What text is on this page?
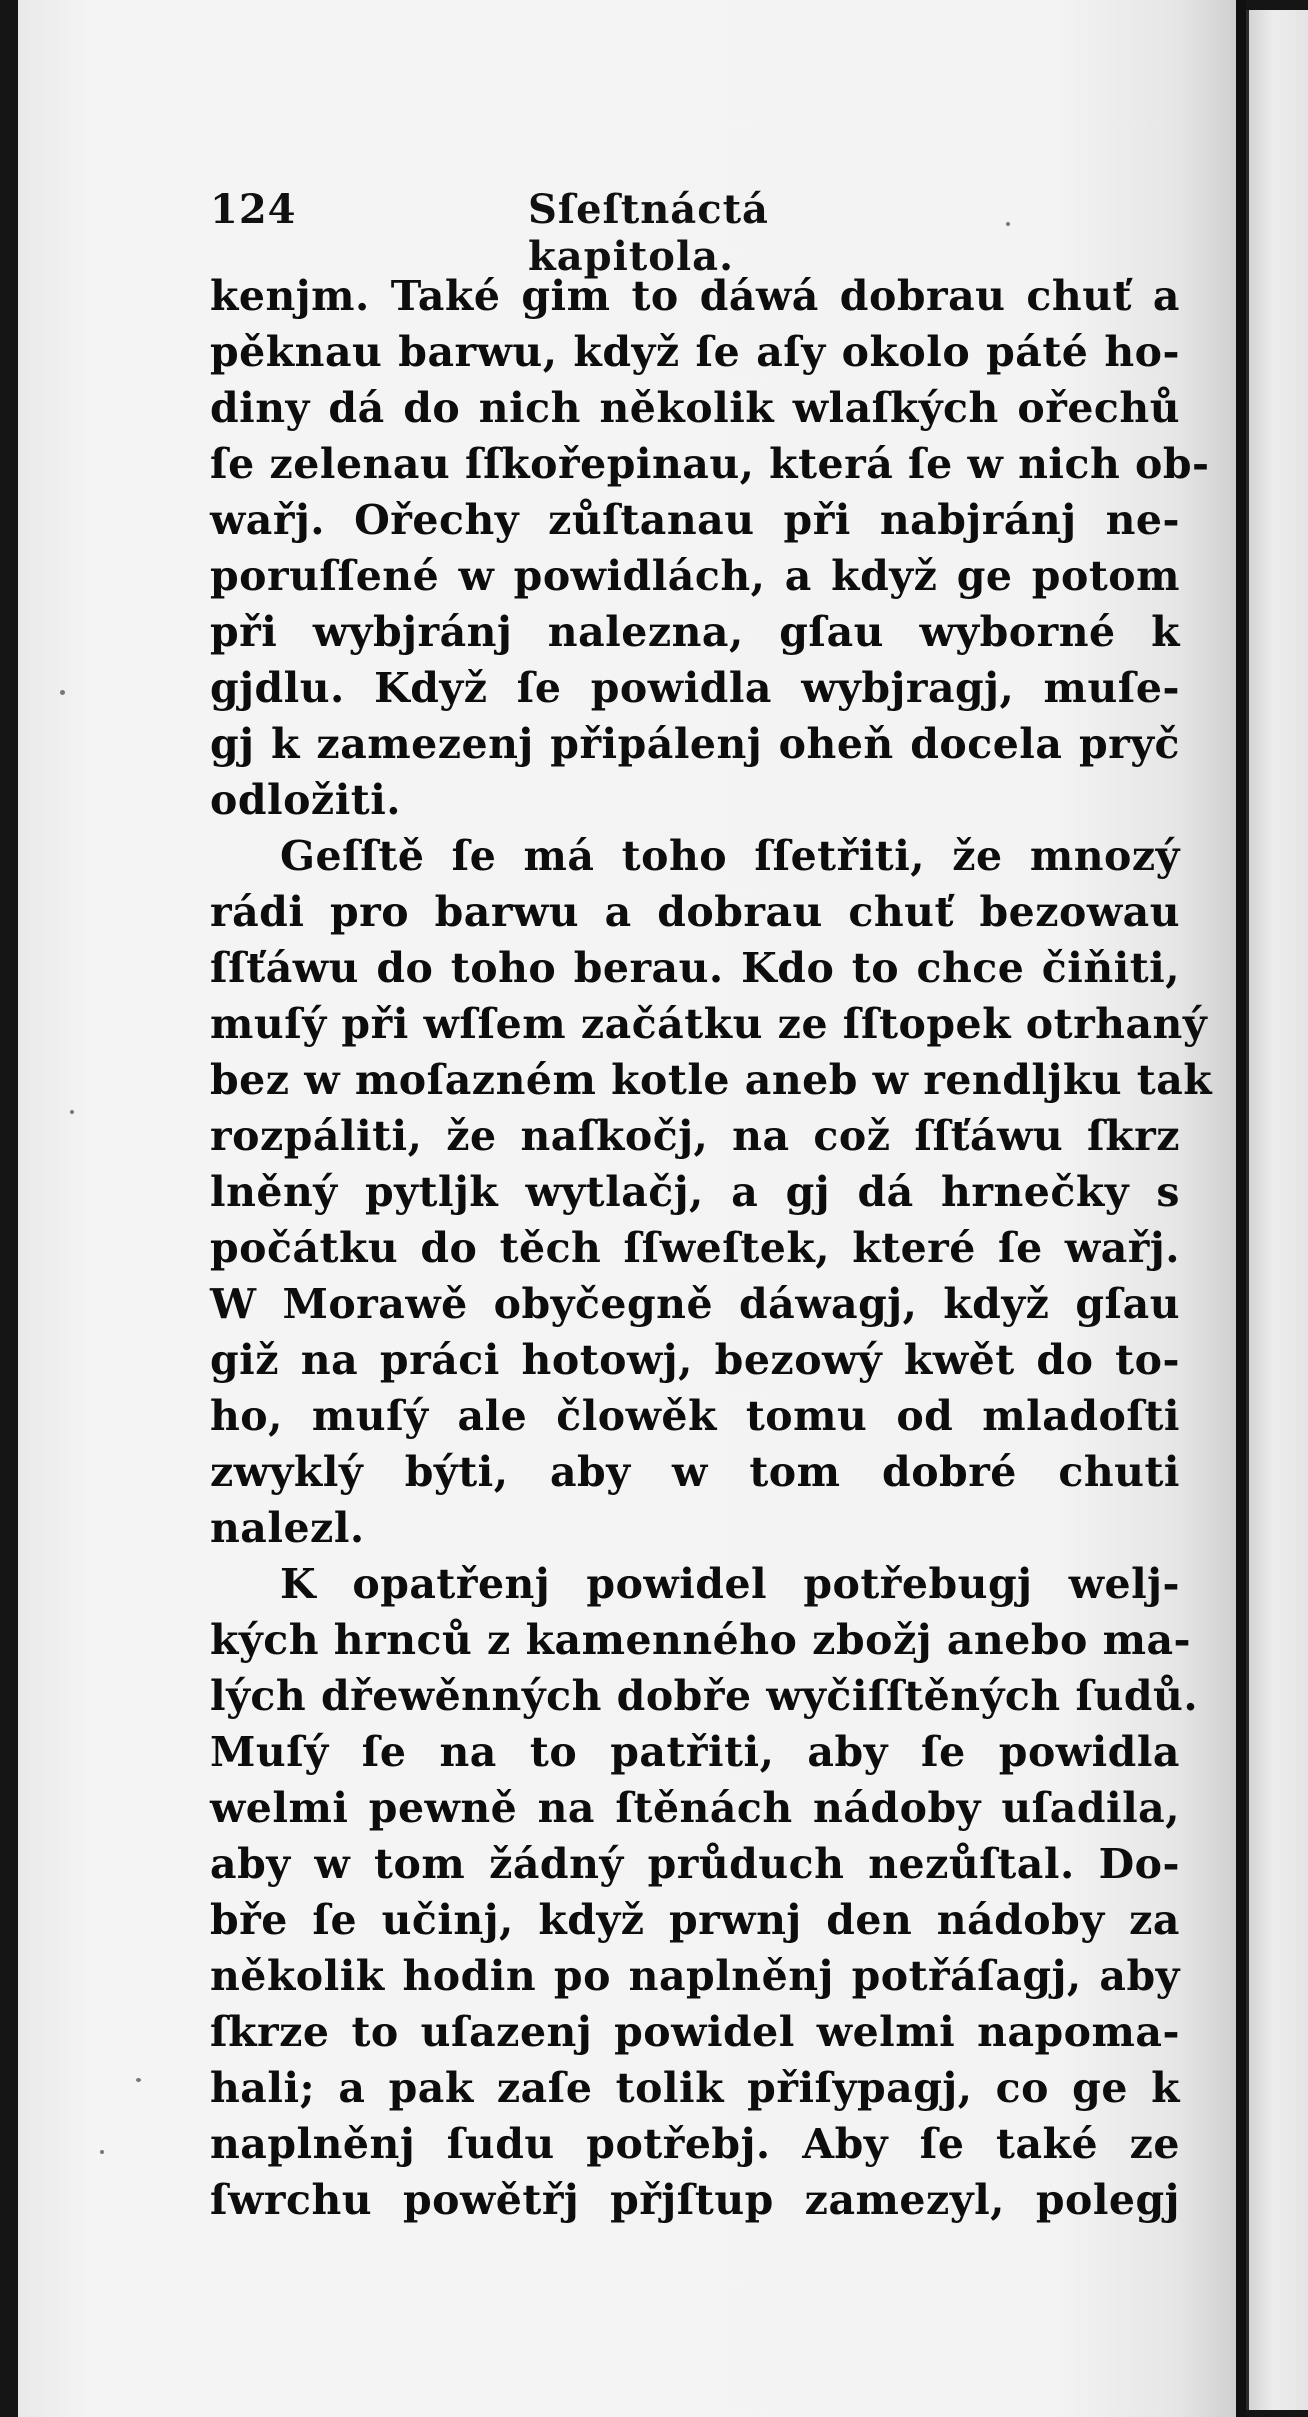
124	Sſeſtnáctá kapitola.
kenjm. Také gim to dáwá dobrau chuť a
pěknau barwu, když ſe aſy okolo páté ho-
diny dá do nich několik wlaſkých ořechů
ſe zelenau ſſkořepinau, která ſe w nich ob-
wařj. Ořechy zůſtanau při nabjránj ne-
poruſſené w powidlách, a když ge potom
při wybjránj nalezna, gſau wyborné k
gjdlu. Když ſe powidla wybjragj, muſe-
gj k zamezenj připálenj oheň docela pryč
odložiti.
Geſſtě ſe má toho ſſetřiti, že mnozý
rádi pro barwu a dobrau chuť bezowau
ſſťáwu do toho berau. Kdo to chce čiňiti,
muſý při wſſem začátku ze ſſtopek otrhaný
bez w moſazném kotle aneb w rendljku tak
rozpáliti, že naſkočj, na což ſſťáwu ſkrz
lněný pytljk wytlačj, a gj dá hrnečky s
počátku do těch ſſweſtek, které ſe wařj.
W Morawě obyčegně dáwagj, když gſau
giž na práci hotowj, bezowý kwět do to-
ho, muſý ale člowěk tomu od mladoſti
zwyklý býti, aby w tom dobré chuti
nalezl.
K opatřenj powidel potřebugj welj-
kých hrnců z kamenného zbožj anebo ma-
lých dřewěnných dobře wyčiſſtěných ſudů.
Muſý ſe na to patřiti, aby ſe powidla
welmi pewně na ſtěnách nádoby uſadila,
aby w tom žádný průduch nezůſtal. Do-
bře ſe učinj, když prwnj den nádoby za
několik hodin po naplněnj potřáſagj, aby
ſkrze to uſazenj powidel welmi napoma-
hali; a pak zaſe tolik přiſypagj, co ge k
naplněnj ſudu potřebj. Aby ſe také ze
ſwrchu powětřj přjſtup zamezyl, polegj
